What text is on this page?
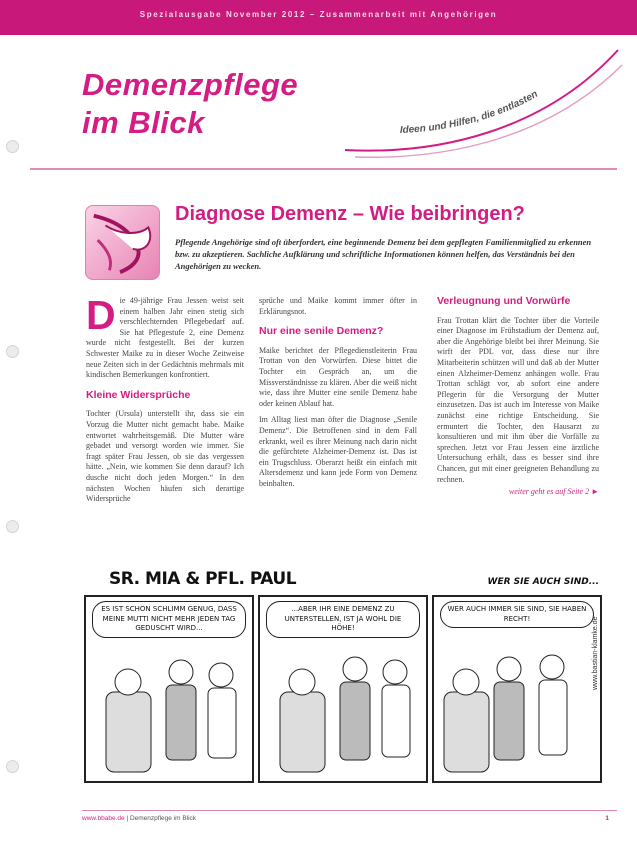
Spezialausgabe November 2012 – Zusammenarbeit mit Angehörigen
Demenzpflege
im Blick	Ideen und Hilfen, die entlasten
Diagnose Demenz – Wie beibringen?
Pflegende Angehörige sind oft überfordert, eine beginnende Demenz bei dem gepflegten Familienmitglied zu erkennen bzw. zu akzeptieren. Sachliche Aufklärung und schriftliche Informationen können helfen, das Verständnis bei den Angehörigen zu wecken.

Die 49-jährige Frau Jessen weist seit einem halben Jahr einen stetig sich verschlechternden Pflegebedarf auf. Sie hat Pflegestufe 2, eine Demenz wurde nicht festgestellt. Bei der kurzen Schwester Maike zu in dieser Woche Zeitweise neue Zeiten sich in der Gedächtnis mehrmals mit kindischen Bemerkungen konfrontiert.

Kleine Widersprüche

Tochter (Ursula) unterstellt ihr, dass sie ein Vorzug die Mutter nicht gemacht habe. Maike entwortet wahrheitsgemäß. Die Mutter wäre gebadet und versorgt worden wie immer. Sie fragt später Frau Jessen, ob sie das vergessen hätte. „Nein, wie kommen Sie denn darauf? Ich dusche nicht doch jeden Morgen.“ In den nächsten Wochen häufen sich derartige Widersprüche

sprüche und Maike kommt immer öfter in Erklärungsnot.

Nur eine senile Demenz?

Maike berichtet der Pflegedienstleiterin Frau Trottan von den Vorwürfen. Diese bittet die Tochter ein Gespräch an, um die Missverständnisse zu klären. Aber die weiß nicht wie, dass ihre Mutter eine senile Demenz habe oder keinen Ablauf hat.

Im Alltag liest man öfter die Diagnose „Senile Demenz“. Die Betroffenen sind in dem Fall erkrankt, weil es ihrer Meinung nach darin nicht die gefürchtete Alzheimer-Demenz ist. Das ist ein Trugschluss. Oberarzt heißt ein einfach mit Altersdemenz und kann jede Form von Demenz beinhalten.

Verleugnung und Vorwürfe

Frau Trottan klärt die Tochter über die Vorteile einer Diagnose im Frühstadium der Demenz auf, aber die Angehörige bleibt bei ihrer Meinung. Sie wirft der PDL vor, dass diese nur ihre Mitarbeiterin schützen will und daß ab der Mutter einen Alzheimer-Demenz anhängen wolle. Frau Trottan schlägt vor, ab sofort eine andere Pflegerin für die Versorgung der Mutter einzusetzen. Das ist auch im Interesse von Maike zunächst eine richtige Entscheidung. Sie ermuntert die Tochter, den Hausarzt zu konsultieren und mit ihm über die Vorfälle zu sprechen. Jetzt vor Frau Jessen eine ärztliche Untersuchung erhält, dass es besser sind ihre Chancen, gut mit einer geeigneten Behandlung zu rechnen.

weiter geht es auf Seite 2 ►

SR. MIA & PFL. PAUL	WER SIE AUCH SIND...
ES IST SCHON SCHLIMM GENUG, DASS MEINE MUTTI NICHT MEHR JEDEN TAG GEDUSCHT WIRD...
...ABER IHR EINE DEMENZ ZU UNTERSTELLEN, IST JA WOHL DIE HÖHE!
WER AUCH IMMER SIE SIND, SIE HABEN RECHT!	www.bastian-klamke.de
www.bbabe.de | Demenzpflege im Blick	1
